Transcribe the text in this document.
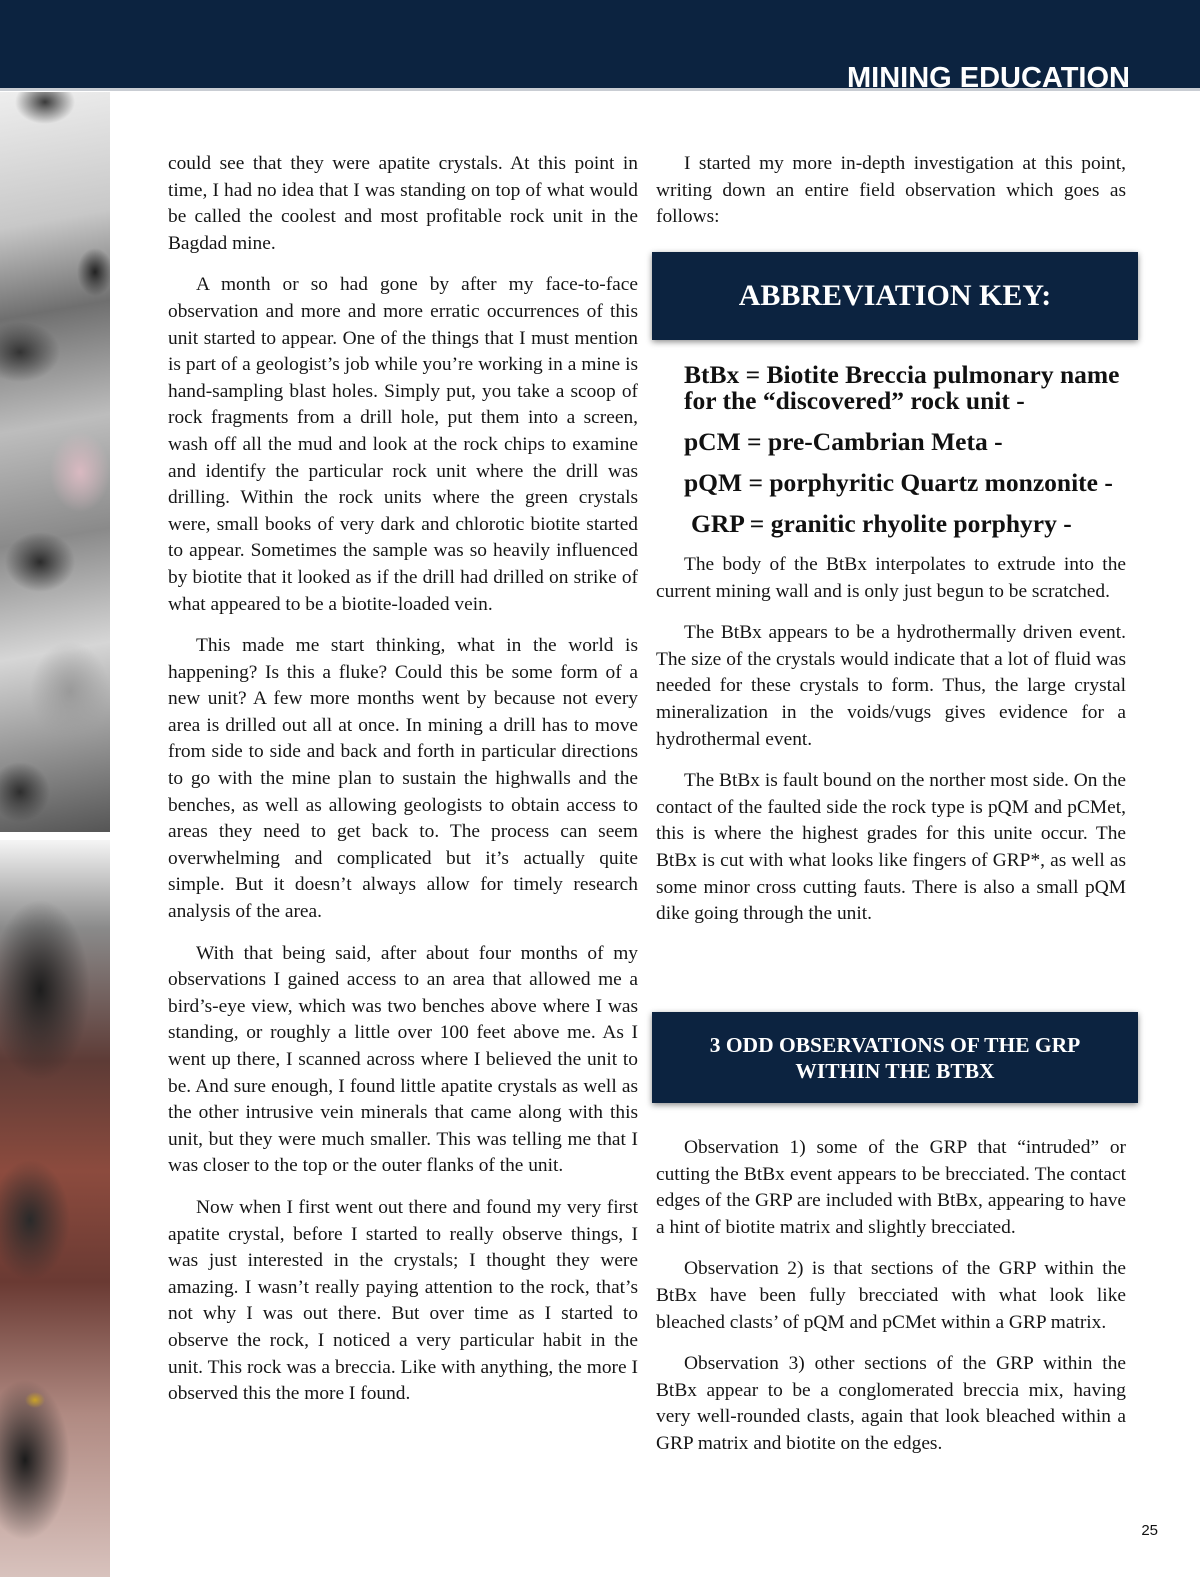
MINING EDUCATION

could see that they were apatite crystals. At this point in time, I had no idea that I was standing on top of what would be called the coolest and most profitable rock unit in the Bagdad mine.

A month or so had gone by after my face-to-face observation and more and more erratic occurrences of this unit started to appear. One of the things that I must mention is part of a geologist’s job while you’re working in a mine is hand-sampling blast holes. Simply put, you take a scoop of rock fragments from a drill hole, put them into a screen, wash off all the mud and look at the rock chips to examine and identify the particular rock unit where the drill was drilling. Within the rock units where the green crystals were, small books of very dark and chlorotic biotite started to appear. Sometimes the sample was so heavily influenced by biotite that it looked as if the drill had drilled on strike of what appeared to be a biotite-loaded vein.

This made me start thinking, what in the world is happening? Is this a fluke? Could this be some form of a new unit? A few more months went by because not every area is drilled out all at once. In mining a drill has to move from side to side and back and forth in particular directions to go with the mine plan to sustain the highwalls and the benches, as well as allowing geologists to obtain access to areas they need to get back to. The process can seem overwhelming and complicated but it’s actually quite simple. But it doesn’t always allow for timely research analysis of the area.

With that being said, after about four months of my observations I gained access to an area that allowed me a bird’s-eye view, which was two benches above where I was standing, or roughly a little over 100 feet above me. As I went up there, I scanned across where I believed the unit to be. And sure enough, I found little apatite crystals as well as the other intrusive vein minerals that came along with this unit, but they were much smaller. This was telling me that I was closer to the top or the outer flanks of the unit.

Now when I first went out there and found my very first apatite crystal, before I started to really observe things, I was just interested in the crystals; I thought they were amazing. I wasn’t really paying attention to the rock, that’s not why I was out there. But over time as I started to observe the rock, I noticed a very particular habit in the unit. This rock was a breccia. Like with anything, the more I observed this the more I found.

I started my more in-depth investigation at this point, writing down an entire field observation which goes as follows:

ABBREVIATION KEY:
BtBx = Biotite Breccia pulmonary name
for the “discovered” rock unit -
pCM = pre-Cambrian Meta -
pQM = porphyritic Quartz monzonite -
GRP = granitic rhyolite porphyry -

The body of the BtBx interpolates to extrude into the current mining wall and is only just begun to be scratched.

The BtBx appears to be a hydrothermally driven event. The size of the crystals would indicate that a lot of fluid was needed for these crystals to form. Thus, the large crystal mineralization in the voids/vugs gives evidence for a hydrothermal event.

The BtBx is fault bound on the norther most side. On the contact of the faulted side the rock type is pQM and pCMet, this is where the highest grades for this unite occur. The BtBx is cut with what looks like fingers of GRP*, as well as some minor cross cutting fauts. There is also a small pQM dike going through the unit.

3 ODD OBSERVATIONS OF THE GRP
WITHIN THE BTBX

Observation 1) some of the GRP that “intruded” or cutting the BtBx event appears to be brecciated. The contact edges of the GRP are included with BtBx, appearing to have a hint of biotite matrix and slightly brecciated.

Observation 2) is that sections of the GRP within the BtBx have been fully brecciated with what look like bleached clasts’ of pQM and pCMet within a GRP matrix.

Observation 3) other sections of the GRP within the BtBx appear to be a conglomerated breccia mix, having very well-rounded clasts, again that look bleached within a GRP matrix and biotite on the edges.

25
